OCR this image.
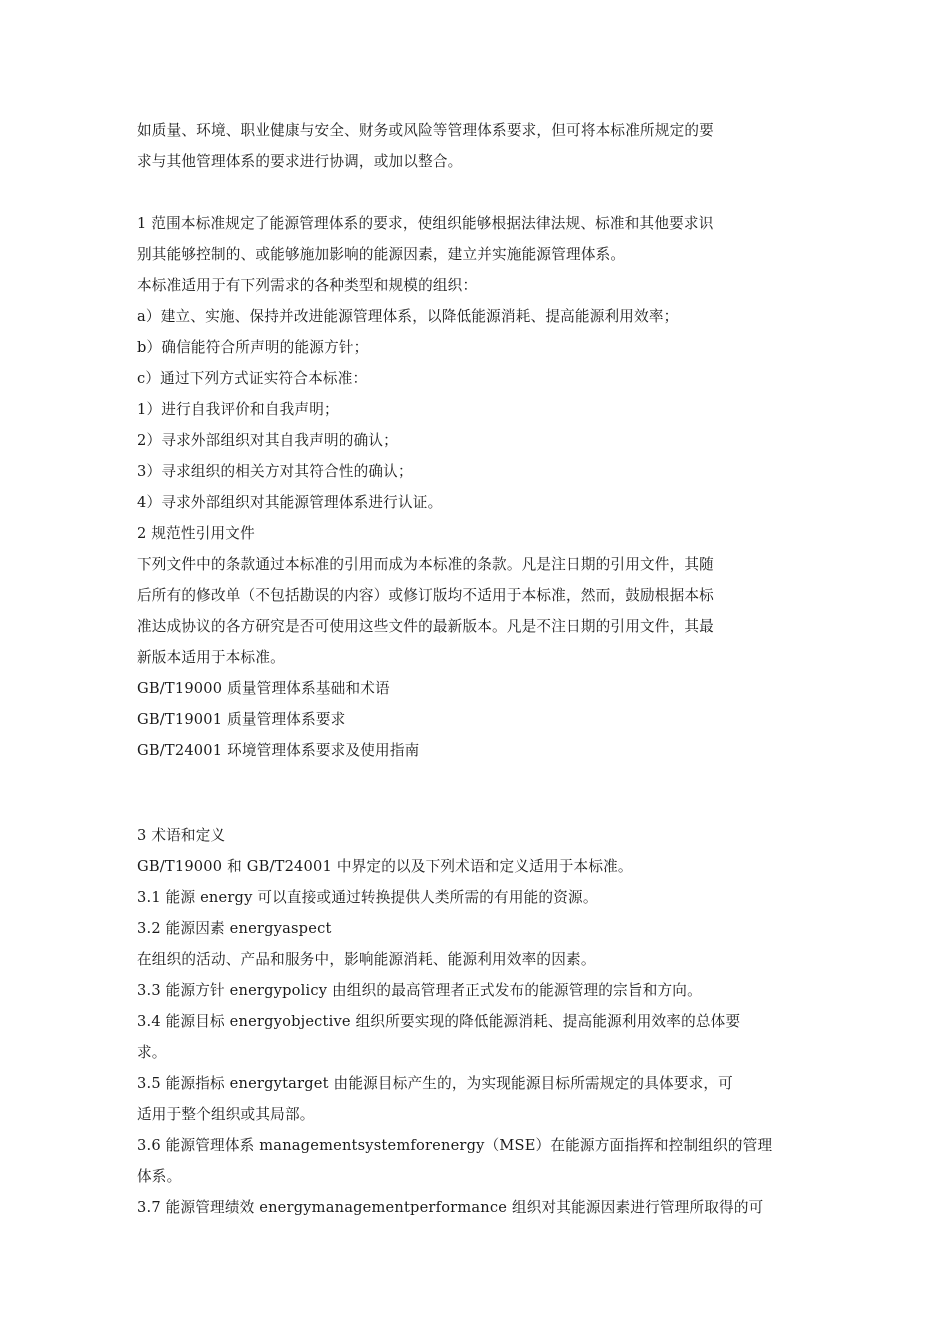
如质量、环境、职业健康与安全、财务或风险等管理体系要求，但可将本标准所规定的要
求与其他管理体系的要求进行协调，或加以整合。
1 范围本标准规定了能源管理体系的要求，使组织能够根据法律法规、标准和其他要求识
别其能够控制的、或能够施加影响的能源因素，建立并实施能源管理体系。
本标准适用于有下列需求的各种类型和规模的组织：
a）建立、实施、保持并改进能源管理体系，以降低能源消耗、提高能源利用效率；
b）确信能符合所声明的能源方针；
c）通过下列方式证实符合本标准：
1）进行自我评价和自我声明；
2）寻求外部组织对其自我声明的确认；
3）寻求组织的相关方对其符合性的确认；
4）寻求外部组织对其能源管理体系进行认证。
2 规范性引用文件
下列文件中的条款通过本标准的引用而成为本标准的条款。凡是注日期的引用文件，其随
后所有的修改单（不包括勘误的内容）或修订版均不适用于本标准，然而，鼓励根据本标
准达成协议的各方研究是否可使用这些文件的最新版本。凡是不注日期的引用文件，其最
新版本适用于本标准。
GB/T19000 质量管理体系基础和术语
GB/T19001 质量管理体系要求
GB/T24001 环境管理体系要求及使用指南
3 术语和定义
GB/T19000 和 GB/T24001 中界定的以及下列术语和定义适用于本标准。
3.1 能源 energy 可以直接或通过转换提供人类所需的有用能的资源。
3.2 能源因素 energyaspect
在组织的活动、产品和服务中，影响能源消耗、能源利用效率的因素。
3.3 能源方针 energypolicy 由组织的最高管理者正式发布的能源管理的宗旨和方向。
3.4 能源目标 energyobjective 组织所要实现的降低能源消耗、提高能源利用效率的总体要
求。
3.5 能源指标 energytarget 由能源目标产生的，为实现能源目标所需规定的具体要求，可
适用于整个组织或其局部。
3.6 能源管理体系 managementsystemforenergy（MSE）在能源方面指挥和控制组织的管理
体系。
3.7 能源管理绩效 energymanagementperformance 组织对其能源因素进行管理所取得的可
